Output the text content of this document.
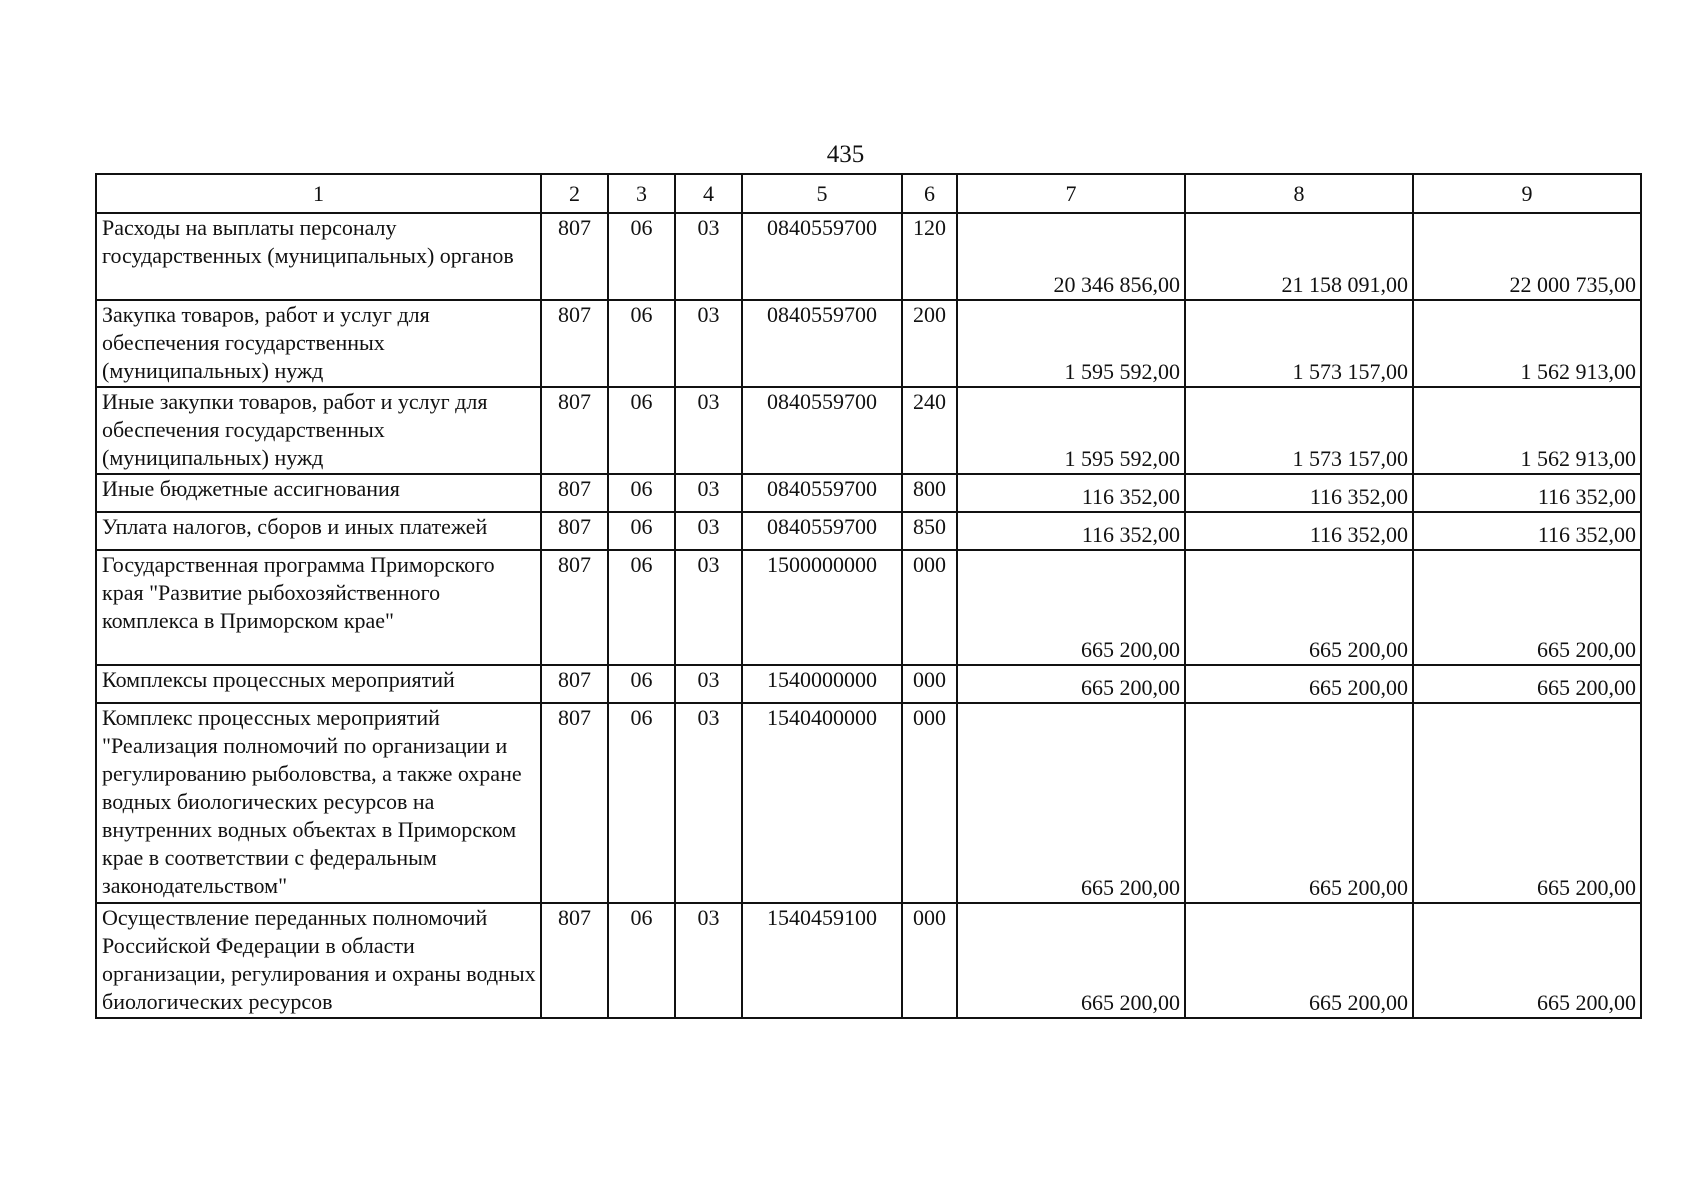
435
1	2	3	4	5	6	7	8	9
Расходы на выплаты персоналу государственных (муниципальных) органов	807	06	03	0840559700	120	20 346 856,00	21 158 091,00	22 000 735,00
Закупка товаров, работ и услуг для обеспечения государственных (муниципальных) нужд	807	06	03	0840559700	200	1 595 592,00	1 573 157,00	1 562 913,00
Иные закупки товаров, работ и услуг для обеспечения государственных (муниципальных) нужд	807	06	03	0840559700	240	1 595 592,00	1 573 157,00	1 562 913,00
Иные бюджетные ассигнования	807	06	03	0840559700	800	116 352,00	116 352,00	116 352,00
Уплата налогов, сборов и иных платежей	807	06	03	0840559700	850	116 352,00	116 352,00	116 352,00
Государственная программа Приморского края "Развитие рыбохозяйственного комплекса в Приморском крае"	807	06	03	1500000000	000	665 200,00	665 200,00	665 200,00
Комплексы процессных мероприятий	807	06	03	1540000000	000	665 200,00	665 200,00	665 200,00
Комплекс процессных мероприятий "Реализация полномочий по организации и регулированию рыболовства, а также охране водных биологических ресурсов на внутренних водных объектах в Приморском крае в соответствии с федеральным законодательством"	807	06	03	1540400000	000	665 200,00	665 200,00	665 200,00
Осуществление переданных полномочий Российской Федерации в области организации, регулирования и охраны водных биологических ресурсов	807	06	03	1540459100	000	665 200,00	665 200,00	665 200,00
